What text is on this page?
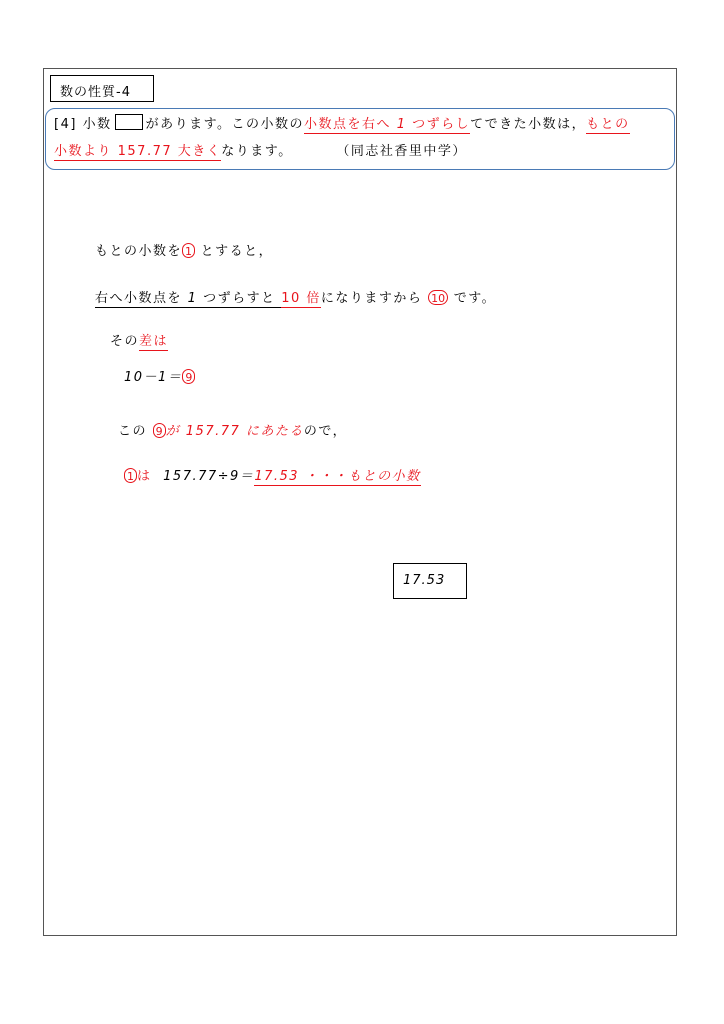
数の性質-4
[4] 小数	があります。この小数の小数点を右へ 1 つずらしてできた小数は，もとの
小数より 157.77 大きくなります。	（同志社香里中学）
もとの小数を 1 とすると，
右へ小数点を 1 つずらすと 10 倍になりますから 10 です。
その差は
10－1＝ 9
この 9 が 157.77 にあたるので，
1 は 157.77÷9＝17.53 ・・・もとの小数
17.53
